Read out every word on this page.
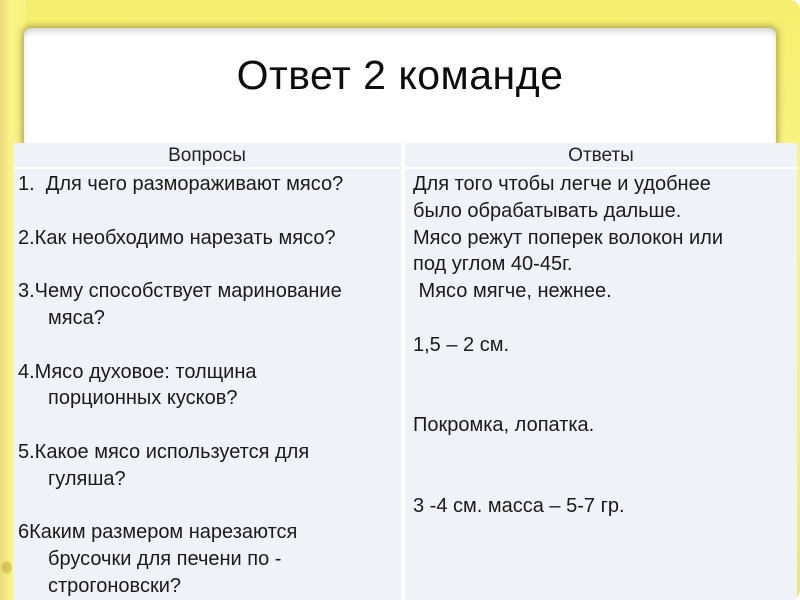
Ответ 2 команде
Вопросы
1.  Для чего размораживают мясо?

2.Как необходимо нарезать мясо?

3.Чему способствует маринование
мяса?

4.Мясо духовое: толщина
порционных кусков?

5.Какое мясо используется для
гуляша?

6Каким размером нарезаются
брусочки для печени по -
строгоновски?
Ответы
Для того чтобы легче и удобнее
было обрабатывать дальше.
Мясо режут поперек волокон или
под углом 40-45г.
Мясо мягче, нежнее.

1,5 – 2 см.

Покромка, лопатка.

3 -4 см. масса – 5-7 гр.
